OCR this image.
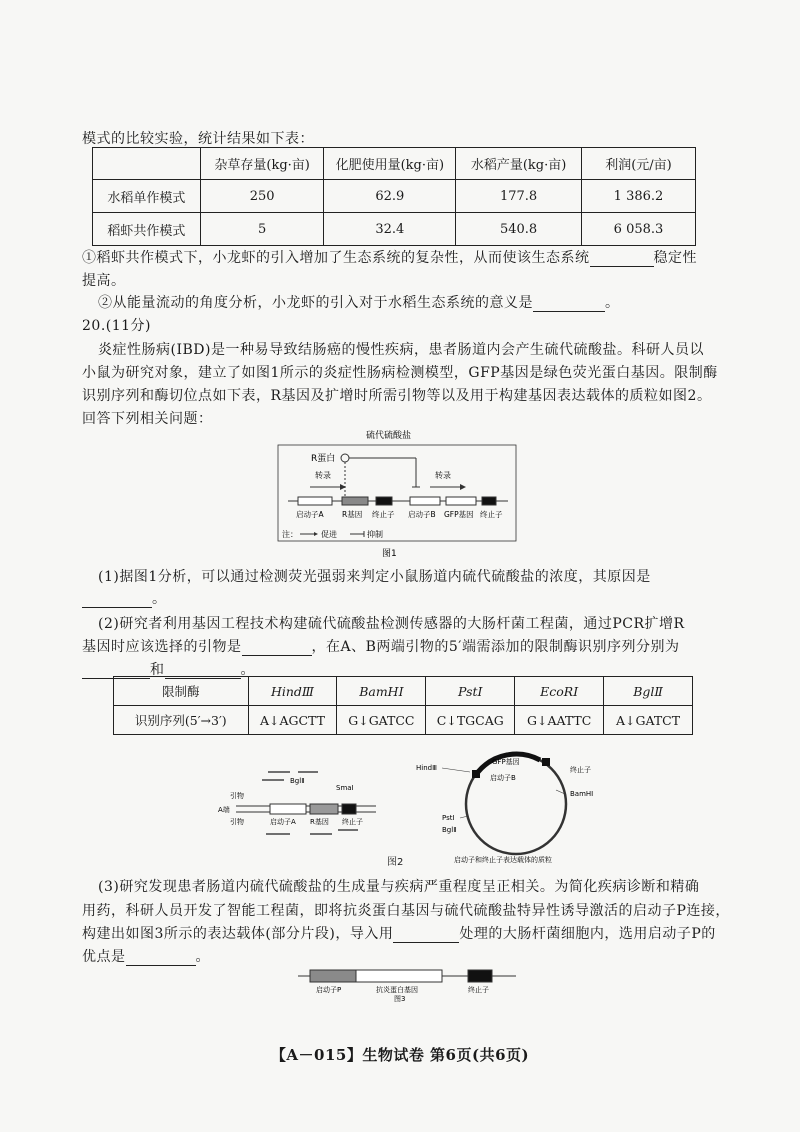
模式的比较实验，统计结果如下表：
	杂草存量(kg·亩)	化肥使用量(kg·亩)	水稻产量(kg·亩)	利润(元/亩)
水稻单作模式	250	62.9	177.8	1 386.2
稻虾共作模式	5	32.4	540.8	6 058.3
①稻虾共作模式下，小龙虾的引入增加了生态系统的复杂性，从而使该生态系统	稳定性
提高。
②从能量流动的角度分析，小龙虾的引入对于水稻生态系统的意义是	。
20.(11分)
炎症性肠病(IBD)是一种易导致结肠癌的慢性疾病，患者肠道内会产生硫代硫酸盐。科研人员以
小鼠为研究对象，建立了如图1所示的炎症性肠病检测模型，GFP基因是绿色荧光蛋白基因。限制酶
识别序列和酶切位点如下表，R基因及扩增时所需引物等以及用于构建基因表达载体的质粒如图2。
回答下列相关问题：
硫代硫酸盐
R蛋白
转录	转录
启动子A R基因 终止子 启动子B GFP基因 终止子
注：	促进	抑制
图1
(1)据图1分析，可以通过检测荧光强弱来判定小鼠肠道内硫代硫酸盐的浓度，其原因是
。
(2)研究者利用基因工程技术构建硫代硫酸盐检测传感器的大肠杆菌工程菌，通过PCR扩增R
基因时应该选择的引物是	，在A、B两端引物的5′端需添加的限制酶识别序列分别为
和	。
限制酶	HindⅢ	BamHⅠ	PstⅠ	EcoRⅠ	BglⅡ
识别序列(5′→3′)	A↓AGCTT	G↓GATCC	C↓TGCAG	G↓AATTC	A↓GATCT
BglⅡ
SmaⅠ
A端
引物
引物	启动子A R基因 终止子
HindⅢ
GFP基因
启动子B
终止子
BamHⅠ
PstⅠ
BglⅡ
启动子和终止子表达载体的质粒
图2
(3)研究发现患者肠道内硫代硫酸盐的生成量与疾病严重程度呈正相关。为简化疾病诊断和精确
用药，科研人员开发了智能工程菌，即将抗炎蛋白基因与硫代硫酸盐特异性诱导激活的启动子P连接，
构建出如图3所示的表达载体(部分片段)，导入用	处理的大肠杆菌细胞内，选用启动子P的
优点是	。
启动子P	抗炎蛋白基因	终止子
图3
【A－015】生物试卷 第6页(共6页)
